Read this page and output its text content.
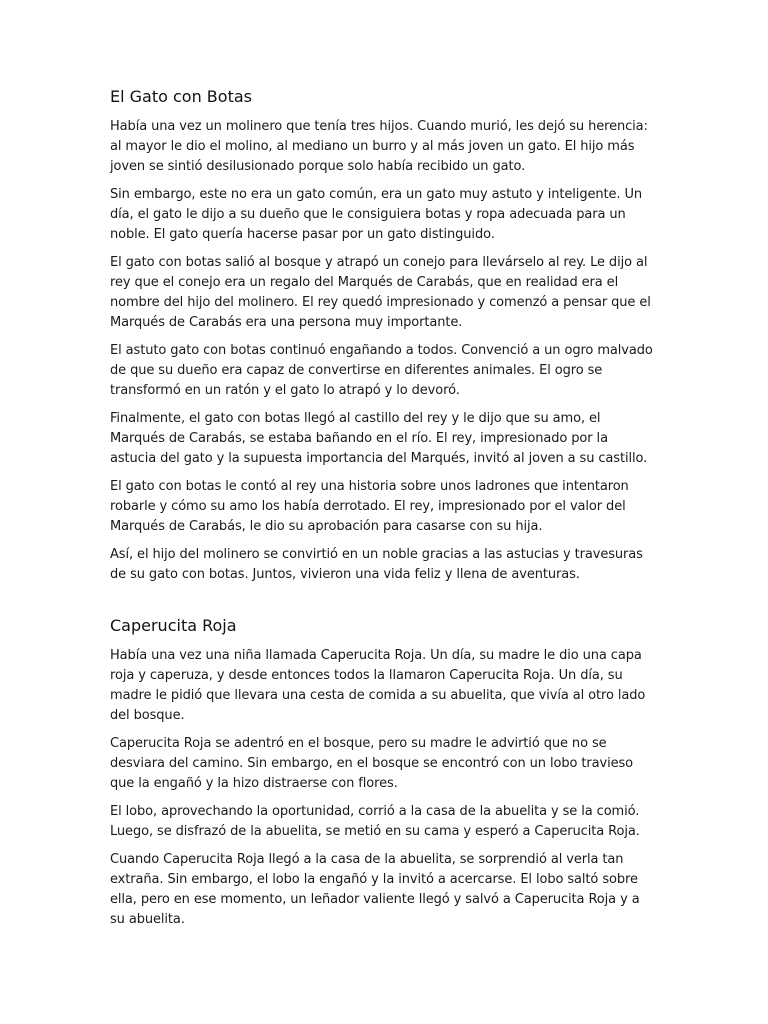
El Gato con Botas

Había una vez un molinero que tenía tres hijos. Cuando murió, les dejó su herencia: al mayor le dio el molino, al mediano un burro y al más joven un gato. El hijo más joven se sintió desilusionado porque solo había recibido un gato.

Sin embargo, este no era un gato común, era un gato muy astuto y inteligente. Un día, el gato le dijo a su dueño que le consiguiera botas y ropa adecuada para un noble. El gato quería hacerse pasar por un gato distinguido.

El gato con botas salió al bosque y atrapó un conejo para llevárselo al rey. Le dijo al rey que el conejo era un regalo del Marqués de Carabás, que en realidad era el nombre del hijo del molinero. El rey quedó impresionado y comenzó a pensar que el Marqués de Carabás era una persona muy importante.

El astuto gato con botas continuó engañando a todos. Convenció a un ogro malvado de que su dueño era capaz de convertirse en diferentes animales. El ogro se transformó en un ratón y el gato lo atrapó y lo devoró.

Finalmente, el gato con botas llegó al castillo del rey y le dijo que su amo, el Marqués de Carabás, se estaba bañando en el río. El rey, impresionado por la astucia del gato y la supuesta importancia del Marqués, invitó al joven a su castillo.

El gato con botas le contó al rey una historia sobre unos ladrones que intentaron robarle y cómo su amo los había derrotado. El rey, impresionado por el valor del Marqués de Carabás, le dio su aprobación para casarse con su hija.

Así, el hijo del molinero se convirtió en un noble gracias a las astucias y travesuras de su gato con botas. Juntos, vivieron una vida feliz y llena de aventuras.

Caperucita Roja

Había una vez una niña llamada Caperucita Roja. Un día, su madre le dio una capa roja y caperuza, y desde entonces todos la llamaron Caperucita Roja. Un día, su madre le pidió que llevara una cesta de comida a su abuelita, que vivía al otro lado del bosque.

Caperucita Roja se adentró en el bosque, pero su madre le advirtió que no se desviara del camino. Sin embargo, en el bosque se encontró con un lobo travieso que la engañó y la hizo distraerse con flores.

El lobo, aprovechando la oportunidad, corrió a la casa de la abuelita y se la comió. Luego, se disfrazó de la abuelita, se metió en su cama y esperó a Caperucita Roja.

Cuando Caperucita Roja llegó a la casa de la abuelita, se sorprendió al verla tan extraña. Sin embargo, el lobo la engañó y la invitó a acercarse. El lobo saltó sobre ella, pero en ese momento, un leñador valiente llegó y salvó a Caperucita Roja y a su abuelita.
